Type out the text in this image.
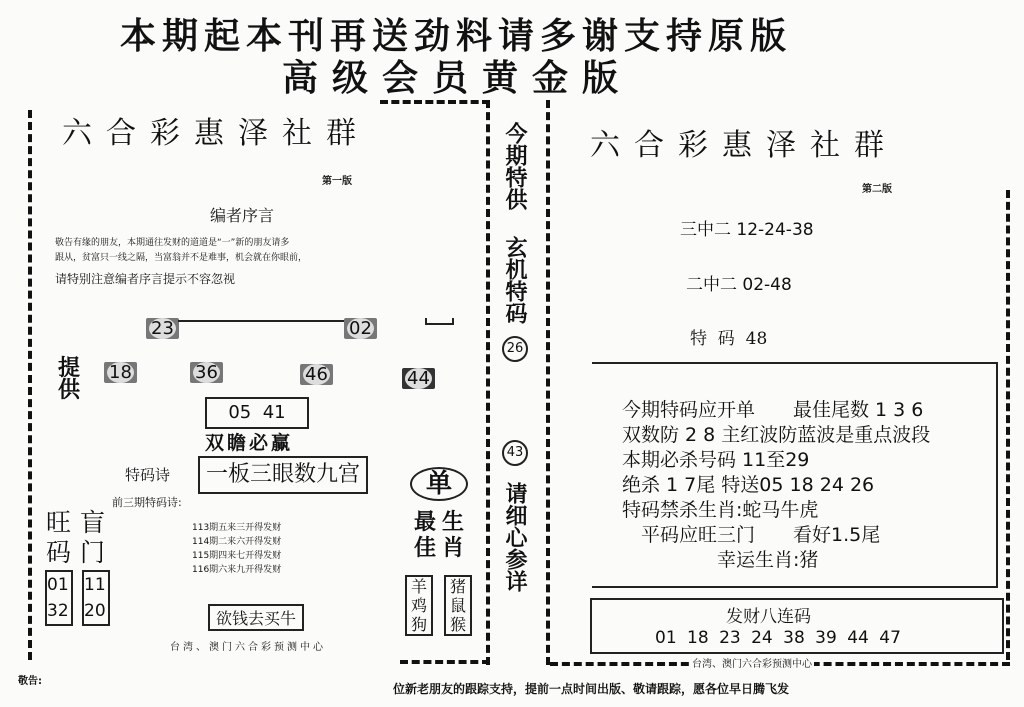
本期起本刊再送劲料请多谢支持原版
高级会员黄金版
六合彩惠泽社群
第一版
编者序言
敬告有缘的朋友，本期通往发财的道道是“一”新的朋友请多
跟从，贫富只一线之隔，当富翁并不是难事，机会就在你眼前，
请特别注意编者序言提示不容忽视
23	02
提供
18	36	46	44
05  41
双瞻必赢
特码诗	一板三眼数九宫
前三期特码诗:
113期五来三开得发财
114期二来六开得发财
115期四来七开得发财
116期六来九开得发财
旺码
盲门
01
32
11
20	欲钱去买牛
台湾、澳门六合彩预测中心
单
最佳
生肖
羊鸡狗
猪鼠猴
今期特供
玄机特码
26
43
请细心参详
六合彩惠泽社群
第二版
三中二 12-24-38
二中二 02-48
特  码 48
今期特码应开单　　最佳尾数 1 3 6
双数防 2 8 主红波防蓝波是重点波段
本期必杀号码 11至29
绝杀 1 7尾 特送05 18 24 26
特码禁杀生肖:蛇马牛虎
　平码应旺三门　　看好1.5尾
　　　　　幸运生肖:猪
发财八连码
01 18 23 24 38 39 44 47
台湾、澳门六合彩预测中心
敬告:
位新老朋友的跟踪支持，提前一点时间出版、敬请跟踪，愿各位早日腾飞发
